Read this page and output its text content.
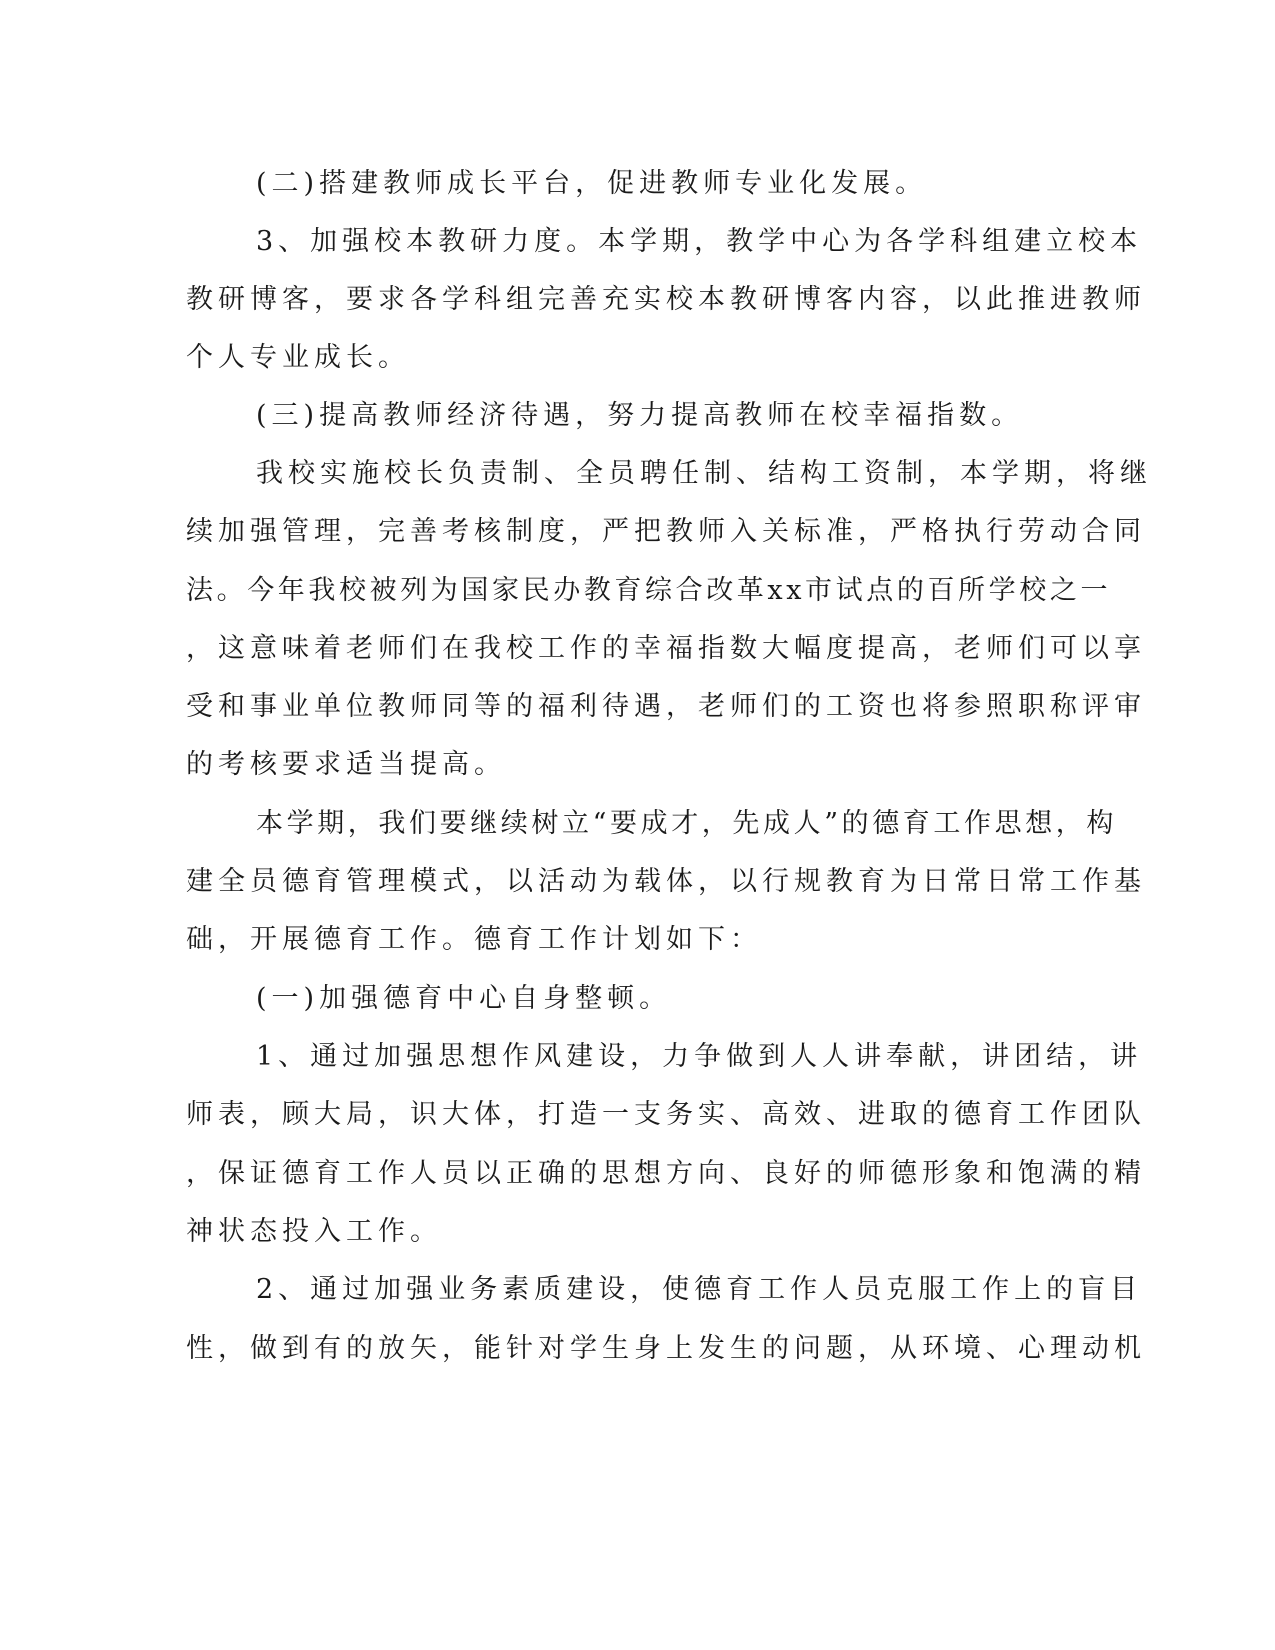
(二)搭建教师成长平台，促进教师专业化发展。
3、加强校本教研力度。本学期，教学中心为各学科组建立校本
教研博客，要求各学科组完善充实校本教研博客内容，以此推进教师
个人专业成长。
(三)提高教师经济待遇，努力提高教师在校幸福指数。
我校实施校长负责制、全员聘任制、结构工资制，本学期，将继
续加强管理，完善考核制度，严把教师入关标准，严格执行劳动合同
法。今年我校被列为国家民办教育综合改革xx市试点的百所学校之一
，这意味着老师们在我校工作的幸福指数大幅度提高，老师们可以享
受和事业单位教师同等的福利待遇，老师们的工资也将参照职称评审
的考核要求适当提高。
本学期，我们要继续树立“要成才，先成人”的德育工作思想，构
建全员德育管理模式，以活动为载体，以行规教育为日常日常工作基
础，开展德育工作。德育工作计划如下：
(一)加强德育中心自身整顿。
1、通过加强思想作风建设，力争做到人人讲奉献，讲团结，讲
师表，顾大局，识大体，打造一支务实、高效、进取的德育工作团队
，保证德育工作人员以正确的思想方向、良好的师德形象和饱满的精
神状态投入工作。
2、通过加强业务素质建设，使德育工作人员克服工作上的盲目
性，做到有的放矢，能针对学生身上发生的问题，从环境、心理动机
